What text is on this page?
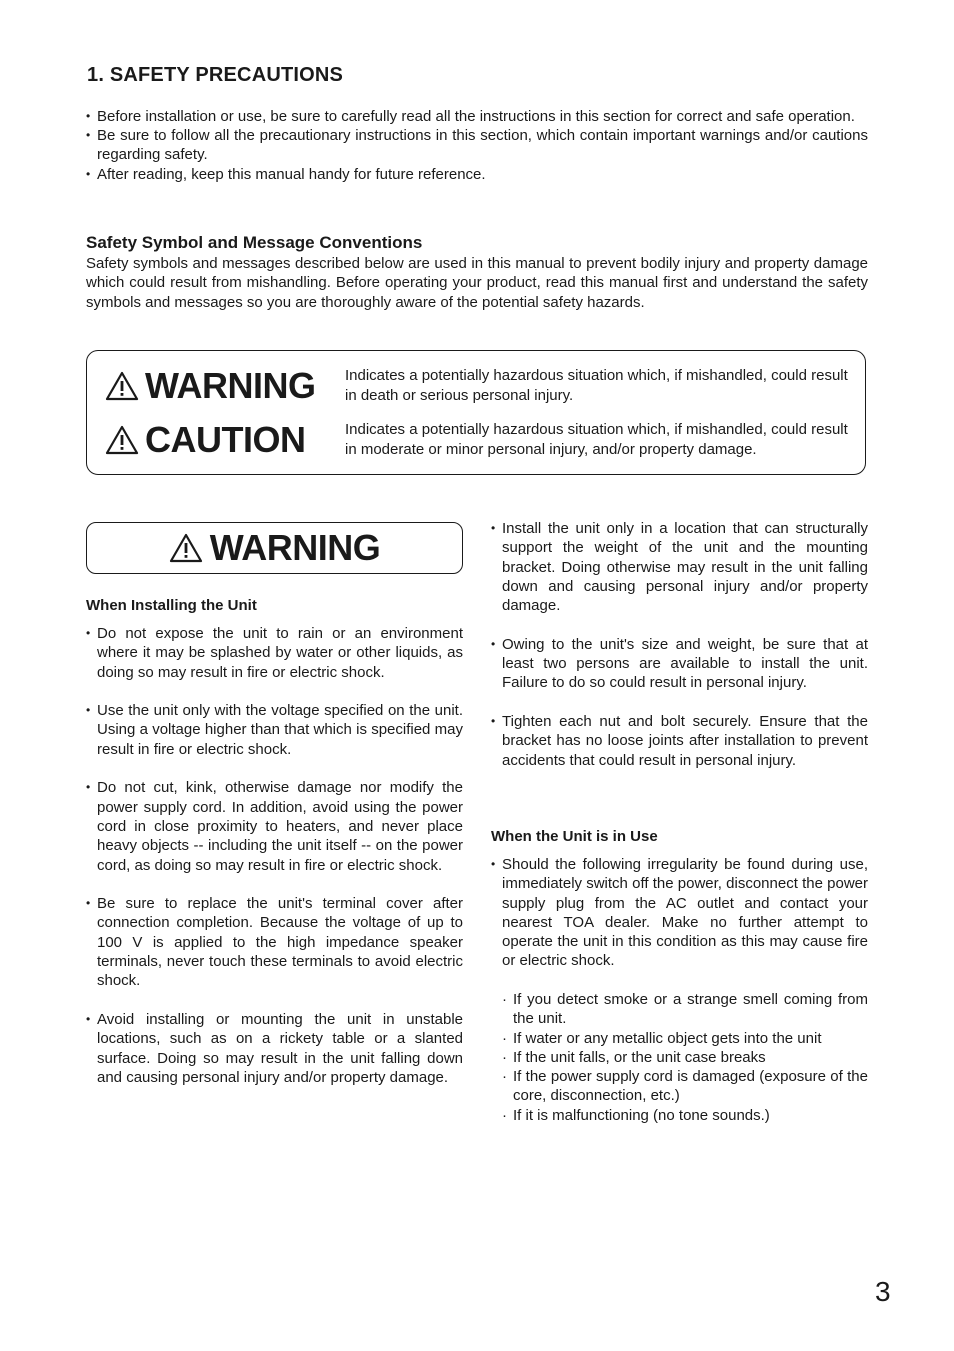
1. SAFETY PRECAUTIONS
• Before installation or use, be sure to carefully read all the instructions in this section for correct and safe operation.
• Be sure to follow all the precautionary instructions in this section, which contain important warnings and/or cautions regarding safety.
• After reading, keep this manual handy for future reference.
Safety Symbol and Message Conventions

Safety symbols and messages described below are used in this manual to prevent bodily injury and property damage which could result from mishandling. Before operating your product, read this manual first and understand the safety symbols and messages so you are thoroughly aware of the potential safety hazards.

WARNING Indicates a potentially hazardous situation which, if mishandled, could result in death or serious personal injury.
CAUTION	Indicates a potentially hazardous situation which, if mishandled, could result in moderate or minor personal injury, and/or property damage.
WARNING
When Installing the Unit
• Do not expose the unit to rain or an environment where it may be splashed by water or other liquids, as doing so may result in fire or electric shock.
• Use the unit only with the voltage specified on the unit. Using a voltage higher than that which is specified may result in fire or electric shock.
• Do not cut, kink, otherwise damage nor modify the power supply cord. In addition, avoid using the power cord in close proximity to heaters, and never place heavy objects -- including the unit itself -- on the power cord, as doing so may result in fire or electric shock.
• Be sure to replace the unit's terminal cover after connection completion. Because the voltage of up to 100 V is applied to the high impedance speaker terminals, never touch these terminals to avoid electric shock.
• Avoid installing or mounting the unit in unstable locations, such as on a rickety table or a slanted surface. Doing so may result in the unit falling down and causing personal injury and/or property damage.
• Install the unit only in a location that can structurally support the weight of the unit and the mounting bracket. Doing otherwise may result in the unit falling down and causing personal injury and/or property damage.
• Owing to the unit's size and weight, be sure that at least two persons are available to install the unit. Failure to do so could result in personal injury.
• Tighten each nut and bolt securely. Ensure that the bracket has no loose joints after installation to prevent accidents that could result in personal injury.
When the Unit is in Use
• Should the following irregularity be found during use, immediately switch off the power, disconnect the power supply plug from the AC outlet and contact your nearest TOA dealer. Make no further attempt to operate the unit in this condition as this may cause fire or electric shock.
· If you detect smoke or a strange smell coming from the unit.
· If water or any metallic object gets into the unit
· If the unit falls, or the unit case breaks
· If the power supply cord is damaged (exposure of the core, disconnection, etc.)
· If it is malfunctioning (no tone sounds.)
3
